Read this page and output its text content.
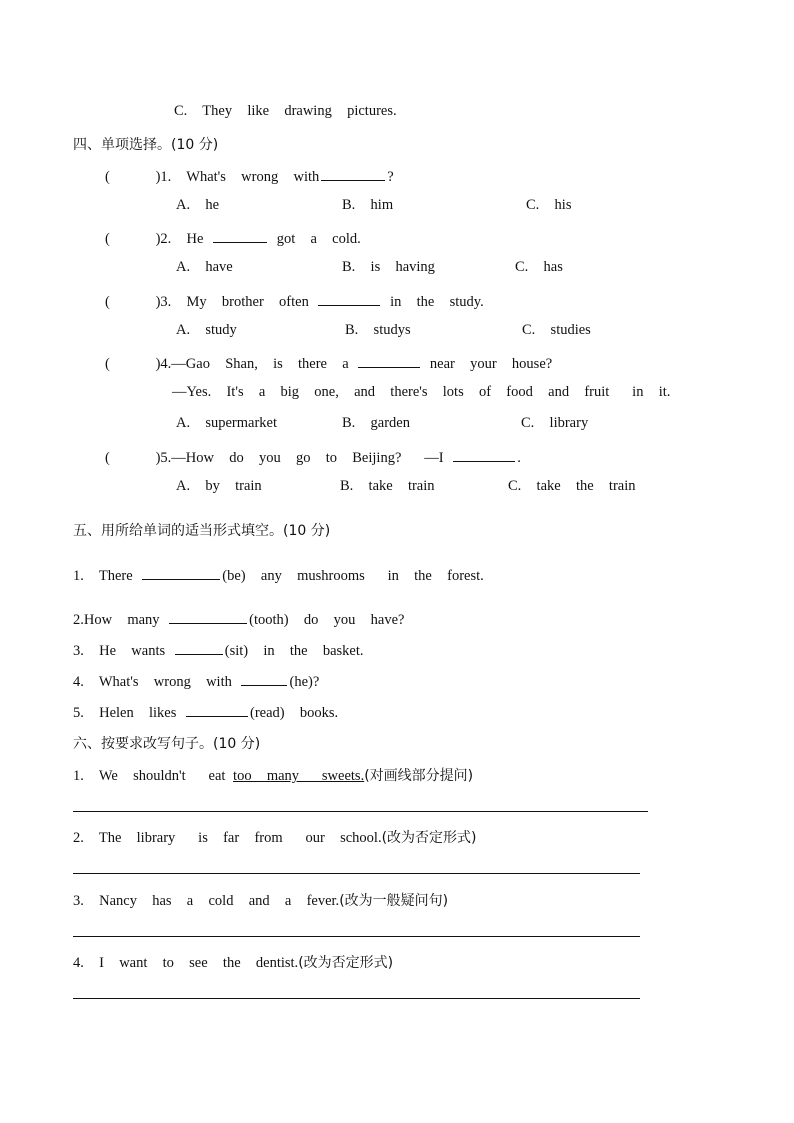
C.  They  like  drawing  pictures.
四、单项选择。(10 分)
(      )1.  What's  wrong  with	?
A.  he	B.  him	C.  his
(      )2.  He	got  a  cold.
A.  have	B.  is  having	C.  has
(      )3.  My  brother  often	in  the  study.
A.  study	B.  studys	C.  studies
(      )4.—Gao  Shan,  is  there  a	near  your  house?
—Yes.  It's  a  big  one,  and  there's  lots  of  food  and  fruit   in  it.
A.  supermarket	B.  garden	C.  library
(      )5.—How  do  you  go  to  Beijing?   —I	.
A.  by  train	B.  take  train	C.  take  the  train
五、用所给单词的适当形式填空。(10 分)
1.  There	(be)  any  mushrooms   in  the  forest.
2.How  many	(tooth)  do  you  have?
3.  He  wants	(sit)  in  the  basket.
4.  What's  wrong  with	(he)?
5.  Helen  likes	(read)  books.
六、按要求改写句子。(10 分)
1.  We  shouldn't   eat too  many   sweets.(对画线部分提问)
2.  The  library   is  far  from   our  school.(改为否定形式)
3.  Nancy  has  a  cold  and  a  fever.(改为一般疑问句)
4.  I  want  to  see  the  dentist.(改为否定形式)
